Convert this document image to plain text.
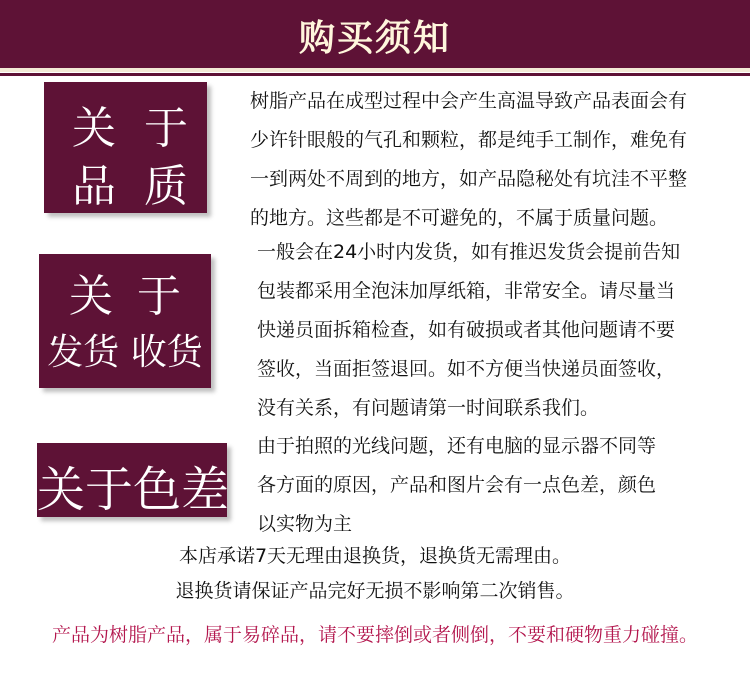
购买须知
关于
品质
树脂产品在成型过程中会产生高温导致产品表面会有
少许针眼般的气孔和颗粒，都是纯手工制作，难免有
一到两处不周到的地方，如产品隐秘处有坑洼不平整
的地方。这些都是不可避免的，不属于质量问题。
关于
发货 收货
一般会在24小时内发货，如有推迟发货会提前告知
包装都采用全泡沫加厚纸箱，非常安全。请尽量当
快递员面拆箱检查，如有破损或者其他问题请不要
签收，当面拒签退回。如不方便当快递员面签收，
没有关系，有问题请第一时间联系我们。
关于色差
由于拍照的光线问题，还有电脑的显示器不同等
各方面的原因，产品和图片会有一点色差，颜色
以实物为主
本店承诺7天无理由退换货，退换货无需理由。
退换货请保证产品完好无损不影响第二次销售。
产品为树脂产品，属于易碎品，请不要摔倒或者侧倒，不要和硬物重力碰撞。
